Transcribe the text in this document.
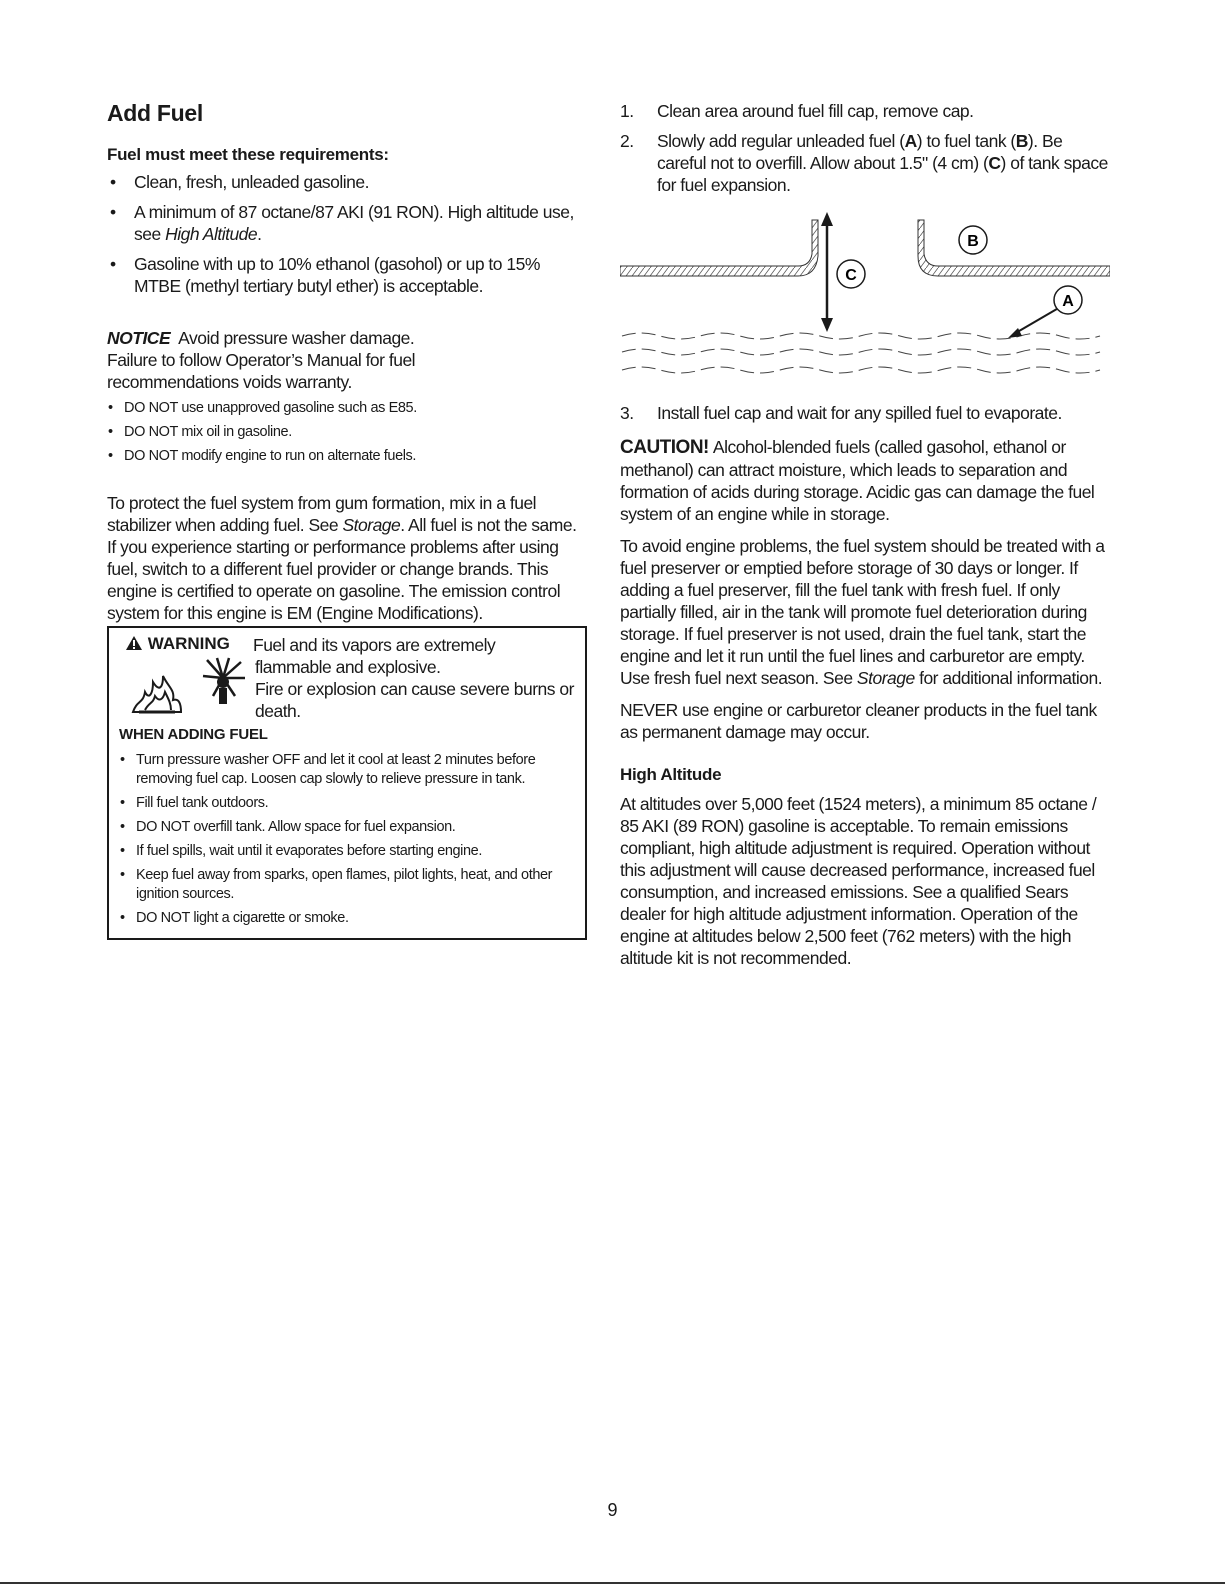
Add Fuel
Fuel must meet these requirements:
• Clean, fresh, unleaded gasoline.
• A minimum of 87 octane/87 AKI (91 RON). High altitude use, see High Altitude.
• Gasoline with up to 10% ethanol (gasohol) or up to 15% MTBE (methyl tertiary butyl ether) is acceptable.

NOTICE Avoid pressure washer damage.

Failure to follow Operator’s Manual for fuel recommendations voids warranty.

• DO NOT use unapproved gasoline such as E85.
• DO NOT mix oil in gasoline.
• DO NOT modify engine to run on alternate fuels.

To protect the fuel system from gum formation, mix in a fuel stabilizer when adding fuel. See Storage. All fuel is not the same. If you experience starting or performance problems after using fuel, switch to a different fuel provider or change brands. This engine is certified to operate on gasoline. The emission control system for this engine is EM (Engine Modifications).

WARNING	Fuel and its vapors are extremely
flammable and explosive.
Fire or explosion can cause severe burns or death.
WHEN ADDING FUEL
• Turn pressure washer OFF and let it cool at least 2 minutes before removing fuel cap. Loosen cap slowly to relieve pressure in tank.
• Fill fuel tank outdoors.
• DO NOT overfill tank. Allow space for fuel expansion.
• If fuel spills, wait until it evaporates before starting engine.
• Keep fuel away from sparks, open flames, pilot lights, heat, and other ignition sources.
• DO NOT light a cigarette or smoke.
1. Clean area around fuel fill cap, remove cap.
2. Slowly add regular unleaded fuel (A) to fuel tank (B). Be careful not to overfill. Allow about 1.5" (4 cm) (C) of tank space for fuel expansion.
C
B
A
3. Install fuel cap and wait for any spilled fuel to evaporate.

CAUTION! Alcohol-blended fuels (called gasohol, ethanol or methanol) can attract moisture, which leads to separation and formation of acids during storage. Acidic gas can damage the fuel system of an engine while in storage.

To avoid engine problems, the fuel system should be treated with a fuel preserver or emptied before storage of 30 days or longer. If adding a fuel preserver, fill the fuel tank with fresh fuel. If only partially filled, air in the tank will promote fuel deterioration during storage. If fuel preserver is not used, drain the fuel tank, start the engine and let it run until the fuel lines and carburetor are empty. Use fresh fuel next season. See Storage for additional information.

NEVER use engine or carburetor cleaner products in the fuel tank as permanent damage may occur.

High Altitude

At altitudes over 5,000 feet (1524 meters), a minimum 85 octane / 85 AKI (89 RON) gasoline is acceptable. To remain emissions compliant, high altitude adjustment is required. Operation without this adjustment will cause decreased performance, increased fuel consumption, and increased emissions. See a qualified Sears dealer for high altitude adjustment information. Operation of the engine at altitudes below 2,500 feet (762 meters) with the high altitude kit is not recommended.

9
